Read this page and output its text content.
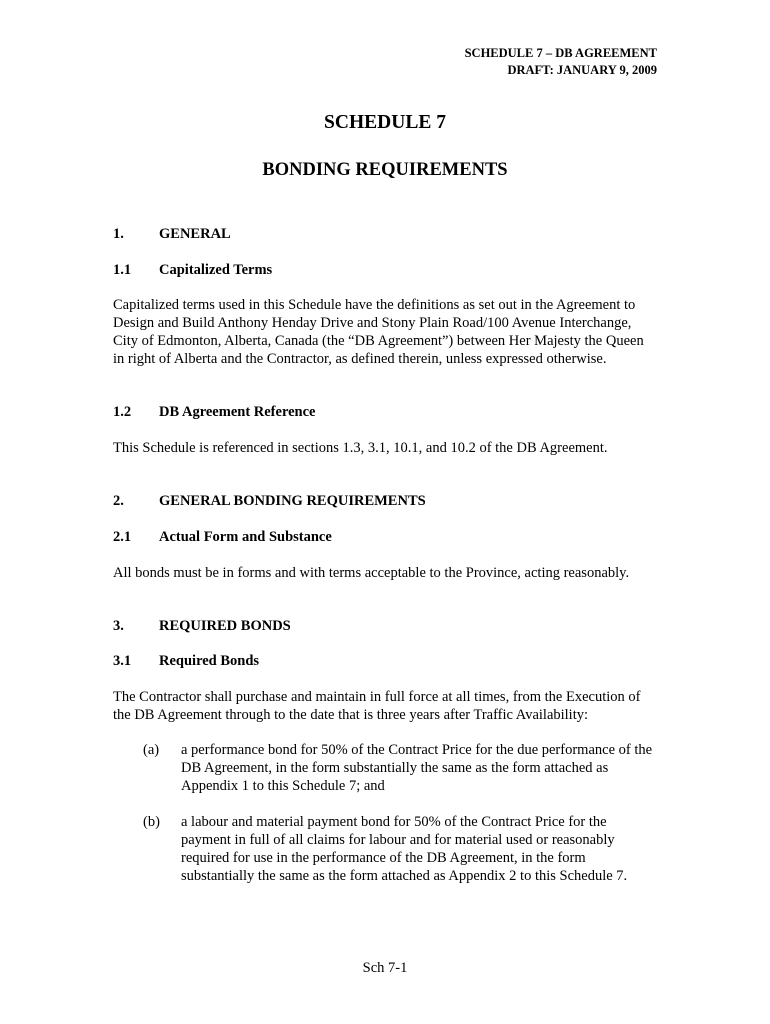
SCHEDULE 7 – DB AGREEMENT
DRAFT: JANUARY 9, 2009
SCHEDULE 7
BONDING REQUIREMENTS
1. GENERAL
1.1 Capitalized Terms
Capitalized terms used in this Schedule have the definitions as set out in the Agreement to Design and Build Anthony Henday Drive and Stony Plain Road/100 Avenue Interchange, City of Edmonton, Alberta, Canada (the “DB Agreement”) between Her Majesty the Queen in right of Alberta and the Contractor, as defined therein, unless expressed otherwise.
1.2 DB Agreement Reference
This Schedule is referenced in sections 1.3, 3.1, 10.1, and 10.2 of the DB Agreement.
2. GENERAL BONDING REQUIREMENTS
2.1 Actual Form and Substance
All bonds must be in forms and with terms acceptable to the Province, acting reasonably.
3. REQUIRED BONDS
3.1 Required Bonds
The Contractor shall purchase and maintain in full force at all times, from the Execution of the DB Agreement through to the date that is three years after Traffic Availability:
(a) a performance bond for 50% of the Contract Price for the due performance of the DB Agreement, in the form substantially the same as the form attached as Appendix 1 to this Schedule 7; and
(b) a labour and material payment bond for 50% of the Contract Price for the payment in full of all claims for labour and for material used or reasonably required for use in the performance of the DB Agreement, in the form substantially the same as the form attached as Appendix 2 to this Schedule 7.
Sch 7-1
